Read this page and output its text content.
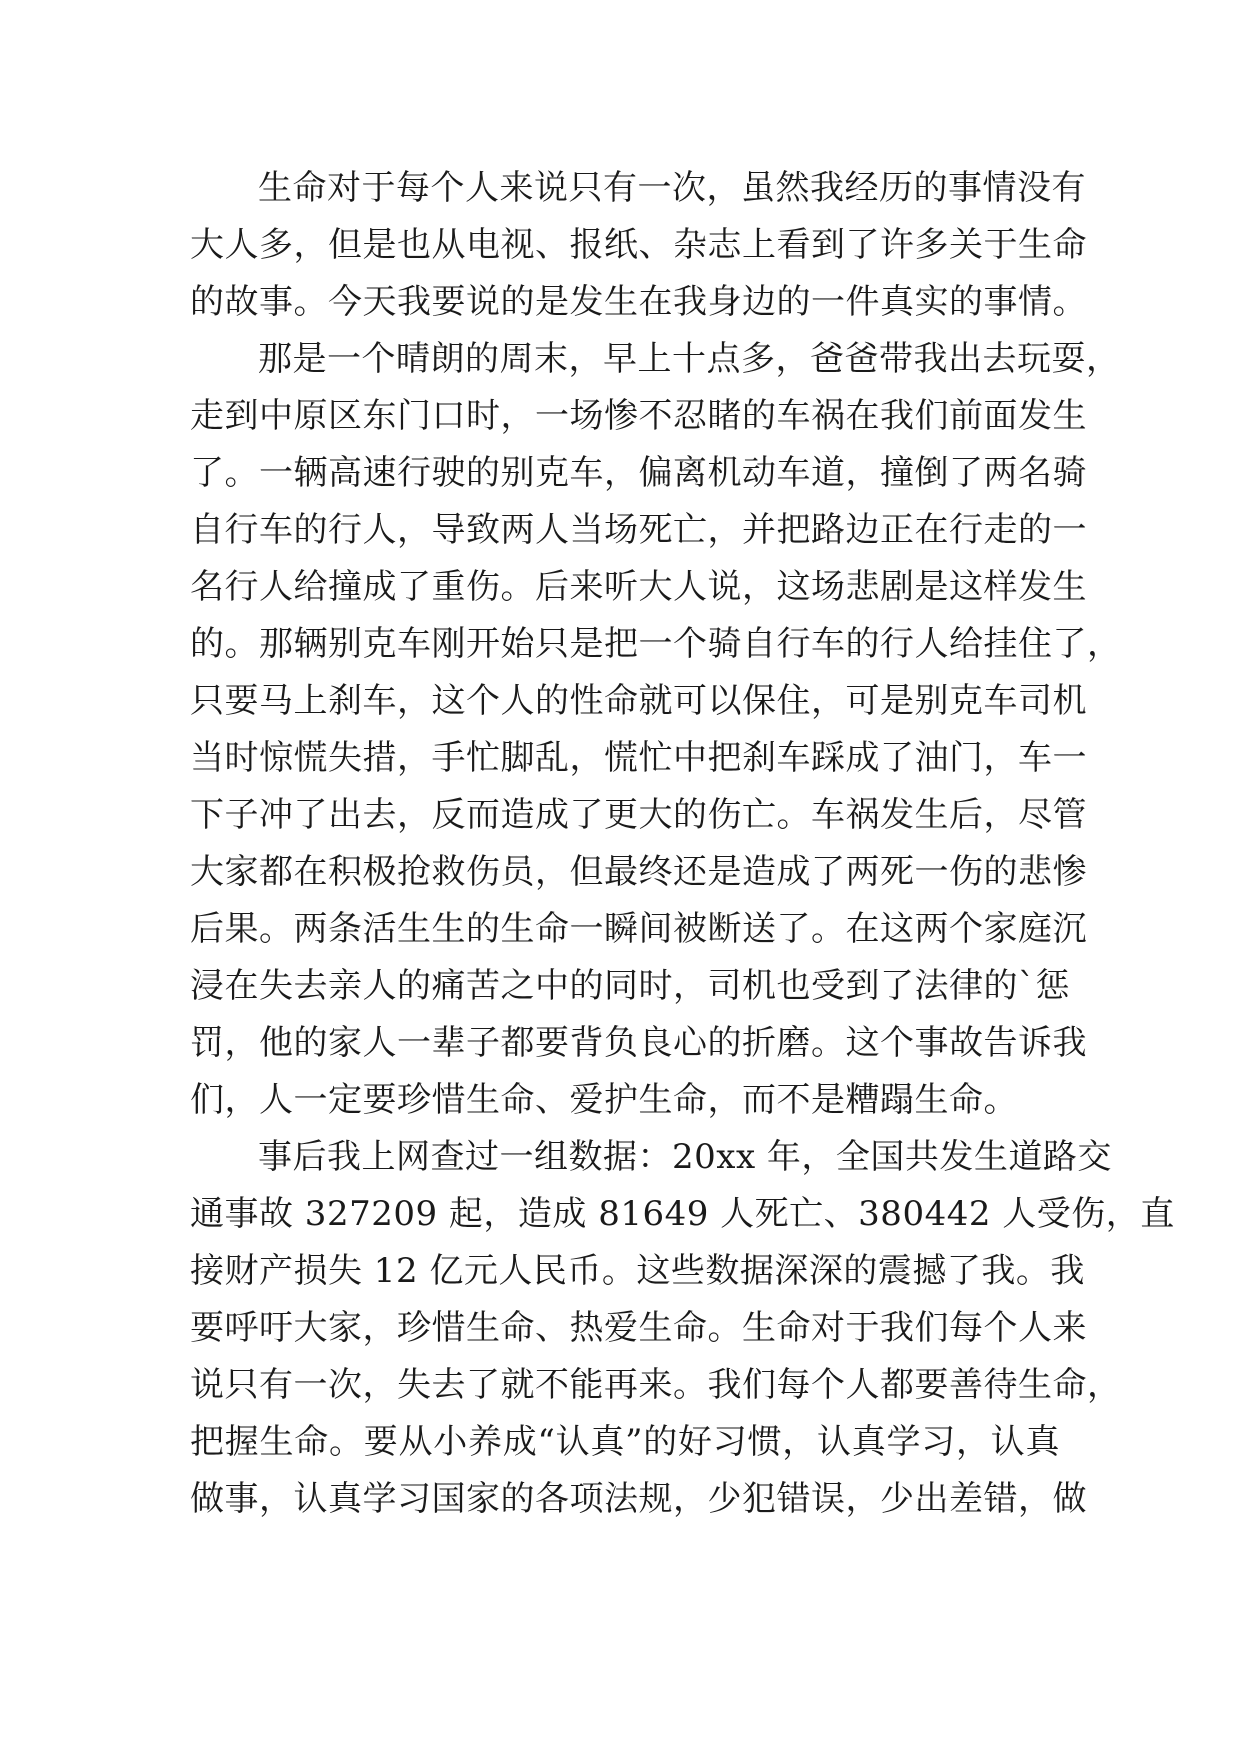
生命对于每个人来说只有一次，虽然我经历的事情没有
大人多，但是也从电视、报纸、杂志上看到了许多关于生命
的故事。今天我要说的是发生在我身边的一件真实的事情。
那是一个晴朗的周末，早上十点多，爸爸带我出去玩耍，
走到中原区东门口时，一场惨不忍睹的车祸在我们前面发生
了。一辆高速行驶的别克车，偏离机动车道，撞倒了两名骑
自行车的行人，导致两人当场死亡，并把路边正在行走的一
名行人给撞成了重伤。后来听大人说，这场悲剧是这样发生
的。那辆别克车刚开始只是把一个骑自行车的行人给挂住了，
只要马上刹车，这个人的性命就可以保住，可是别克车司机
当时惊慌失措，手忙脚乱，慌忙中把刹车踩成了油门，车一
下子冲了出去，反而造成了更大的伤亡。车祸发生后，尽管
大家都在积极抢救伤员，但最终还是造成了两死一伤的悲惨
后果。两条活生生的生命一瞬间被断送了。在这两个家庭沉
浸在失去亲人的痛苦之中的同时，司机也受到了法律的`惩
罚，他的家人一辈子都要背负良心的折磨。这个事故告诉我
们，人一定要珍惜生命、爱护生命，而不是糟蹋生命。
事后我上网查过一组数据：20xx 年，全国共发生道路交
通事故 327209 起，造成 81649 人死亡、380442 人受伤，直
接财产损失 12 亿元人民币。这些数据深深的震撼了我。我
要呼吁大家，珍惜生命、热爱生命。生命对于我们每个人来
说只有一次，失去了就不能再来。我们每个人都要善待生命，
把握生命。要从小养成“认真”的好习惯，认真学习，认真
做事，认真学习国家的各项法规，少犯错误，少出差错，做
